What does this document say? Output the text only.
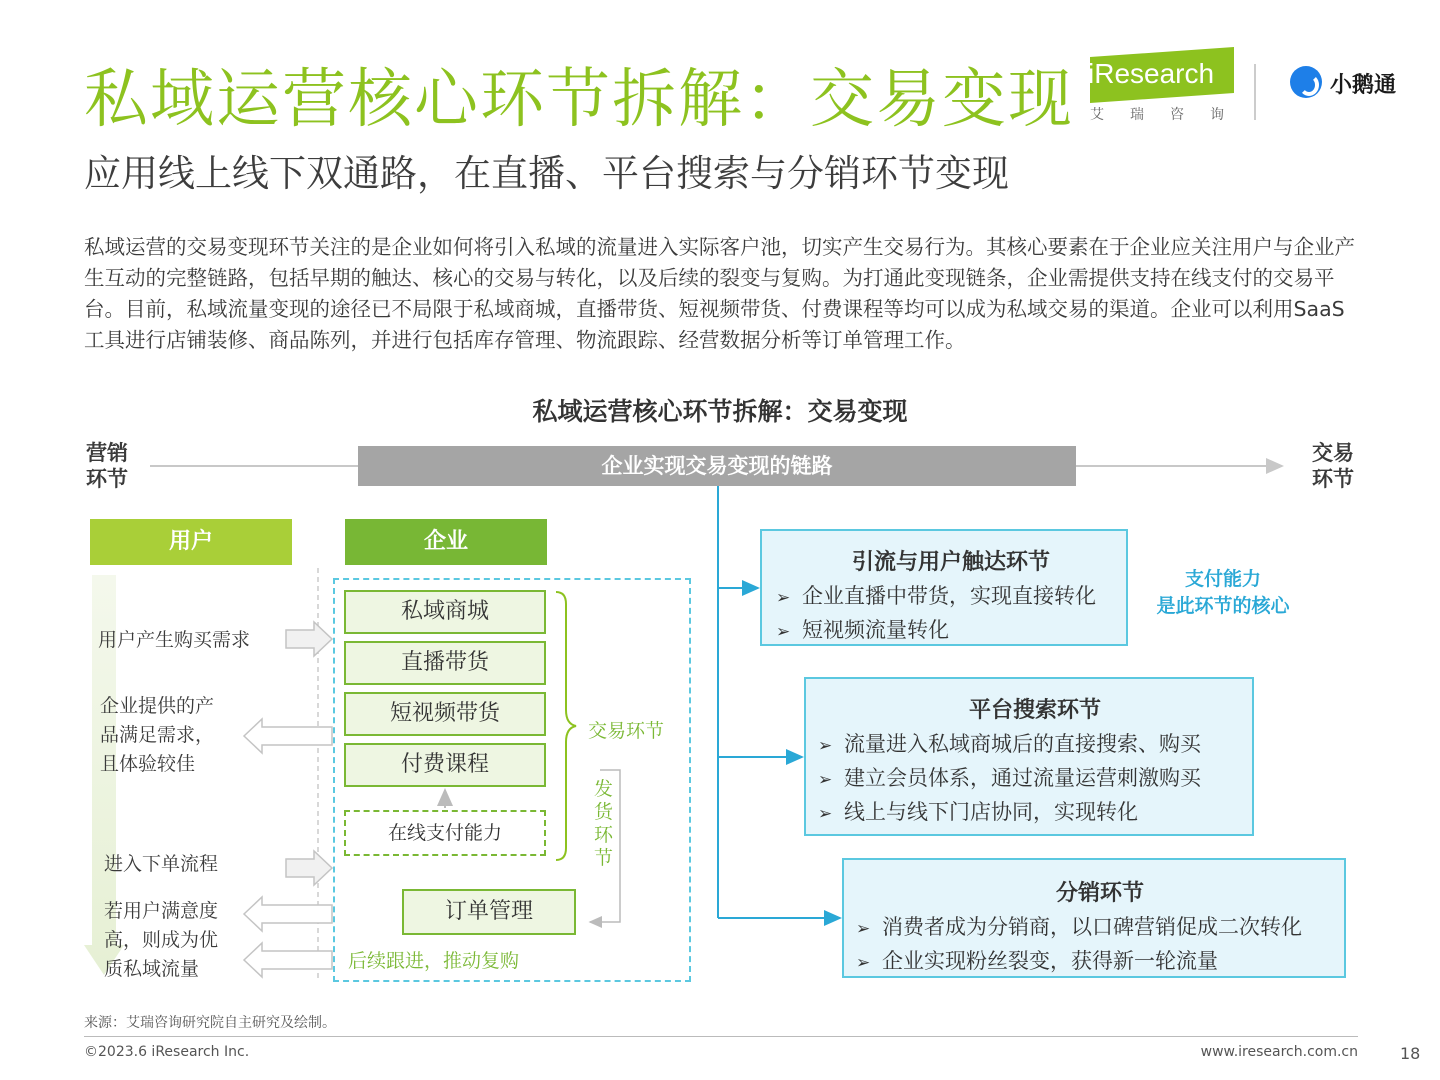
私域运营核心环节拆解：交易变现
应用线上线下双通路，在直播、平台搜索与分销环节变现
私域运营的交易变现环节关注的是企业如何将引入私域的流量进入实际客户池，切实产生交易行为。其核心要素在于企业应关注用户与企业产生互动的完整链路，包括早期的触达、核心的交易与转化，以及后续的裂变与复购。为打通此变现链条，企业需提供支持在线支付的交易平台。目前，私域流量变现的途径已不局限于私域商城，直播带货、短视频带货、付费课程等均可以成为私域交易的渠道。企业可以利用SaaS工具进行店铺装修、商品陈列，并进行包括库存管理、物流跟踪、经营数据分析等订单管理工作。
iResearch
艾瑞咨询
小鹅通
私域运营核心环节拆解：交易变现
营销
环节
交易
环节
企业实现交易变现的链路
用户	企业
用户产生购买需求
企业提供的产品满足需求，且体验较佳
进入下单流程
若用户满意度高，则成为优质私域流量
私域商城
直播带货
短视频带货
付费课程
在线支付能力
订单管理
交易环节
发货环节
后续跟进，推动复购
引流与用户触达环节
➢ 企业直播中带货，实现直接转化
➢ 短视频流量转化
支付能力
是此环节的核心
平台搜索环节
➢ 流量进入私域商城后的直接搜索、购买
➢ 建立会员体系，通过流量运营刺激购买
➢ 线上与线下门店协同，实现转化
分销环节
➢ 消费者成为分销商，以口碑营销促成二次转化
➢ 企业实现粉丝裂变，获得新一轮流量
来源：艾瑞咨询研究院自主研究及绘制。
©2023.6 iResearch Inc.	www.iresearch.com.cn	18
